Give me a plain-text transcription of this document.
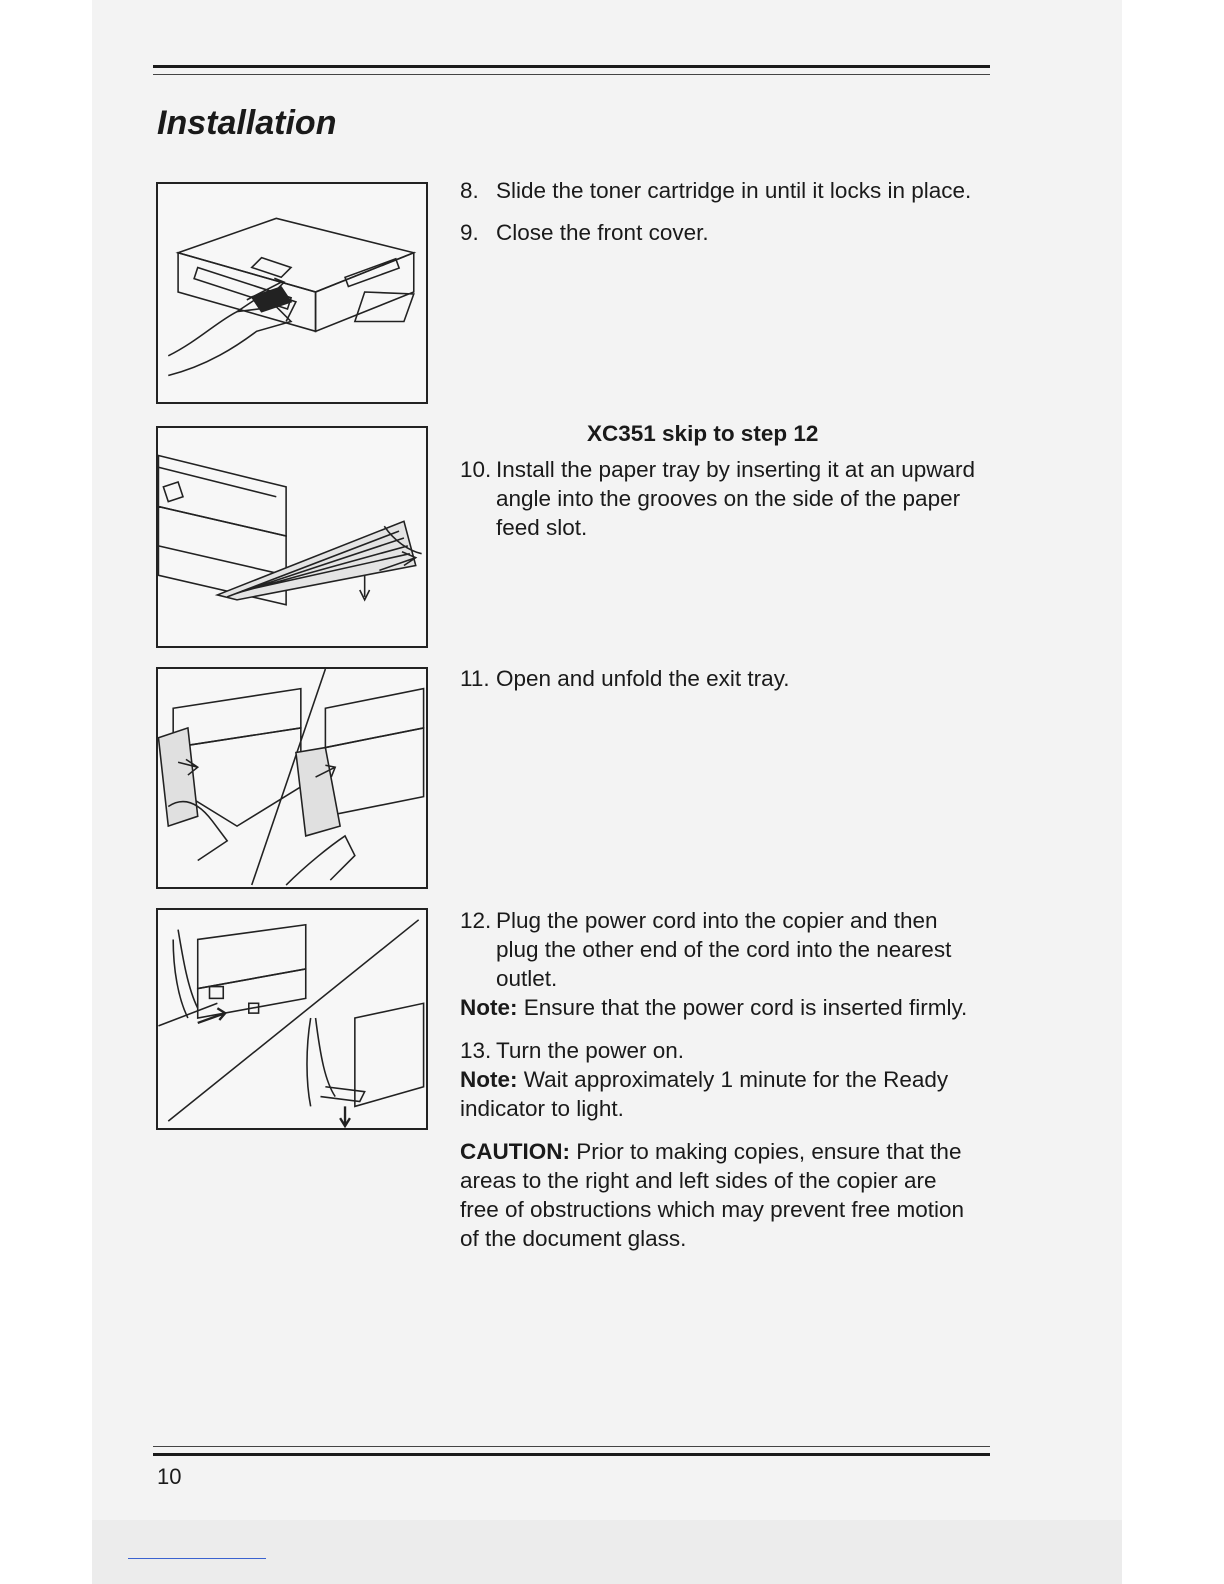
Installation
8. Slide the toner cartridge in until it locks in place.
9. Close the front cover.
XC351 skip to step 12
10. Install the paper tray by inserting it at an upward angle into the grooves on the side of the paper feed slot.
11. Open and unfold the exit tray.
12. Plug the power cord into the copier and then plug the other end of the cord into the nearest outlet.

Note: Ensure that the power cord is inserted firmly.

13. Turn the power on.

Note: Wait approximately 1 minute for the Ready indicator to light.

CAUTION: Prior to making copies, ensure that the areas to the right and left sides of the copier are free of obstructions which may prevent free motion of the document glass.

10
